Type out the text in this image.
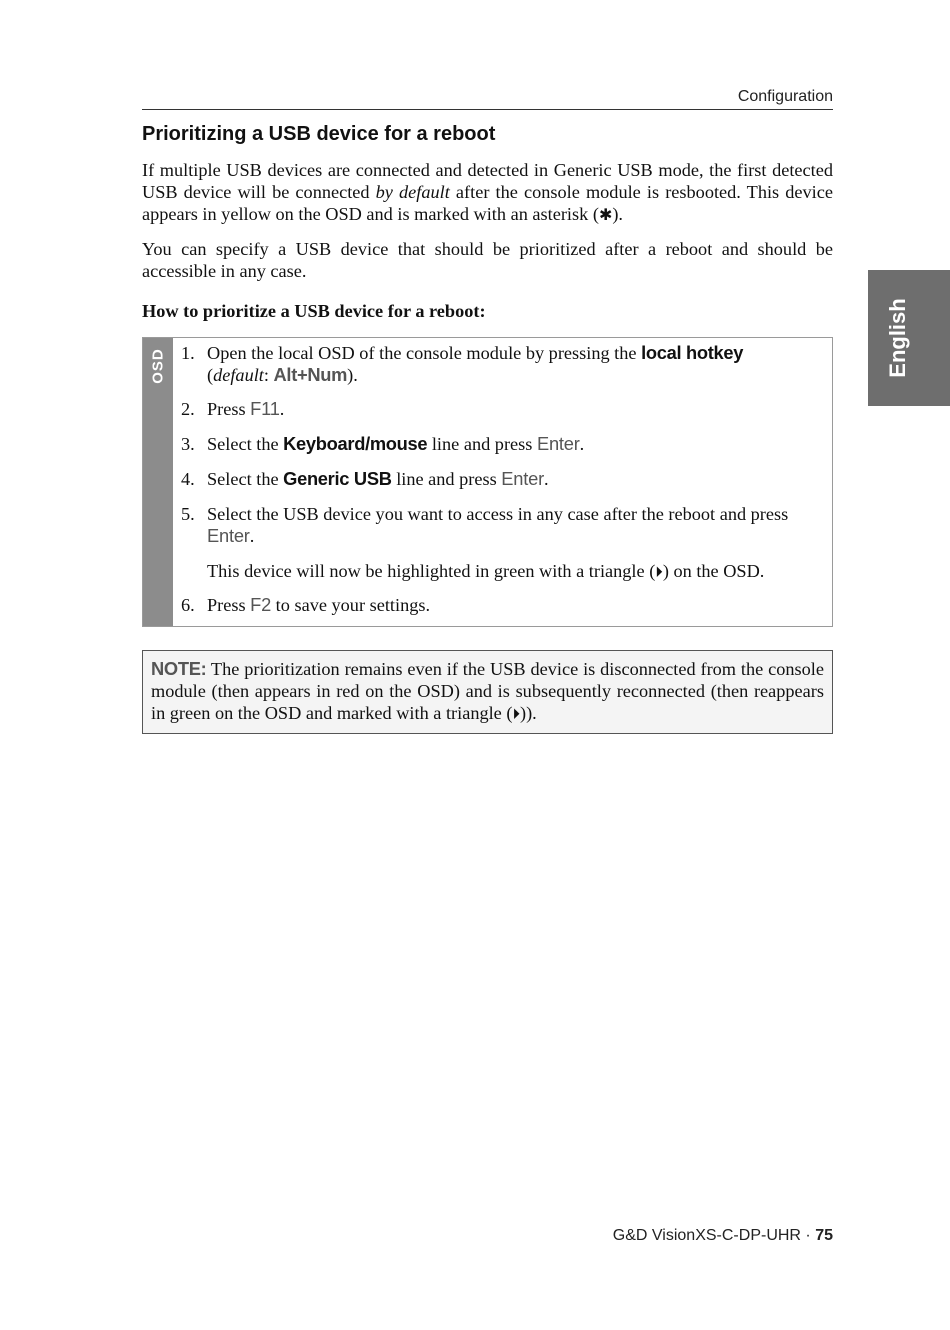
Configuration
Prioritizing a USB device for a reboot

If multiple USB devices are connected and detected in Generic USB mode, the first detected USB device will be connected by default after the console module is resbooted. This device appears in yellow on the OSD and is marked with an asterisk (✱).

You can specify a USB device that should be prioritized after a reboot and should be accessible in any case.

How to prioritize a USB device for a reboot:

OSD 1. Open the local OSD of the console module by pressing the local hotkey
(default: Alt+Num).
2. Press F11.
3. Select the Keyboard/mouse line and press Enter.
4. Select the Generic USB line and press Enter.
5. Select the USB device you want to access in any case after the reboot and press Enter.
This device will now be highlighted in green with a triangle (⏵) on the OSD.
6. Press F2 to save your settings.

NOTE: The prioritization remains even if the USB device is disconnected from the console module (then appears in red on the OSD) and is subsequently reconnected (then reappears in green on the OSD and marked with a triangle (⏵)).

English
G&D VisionXS-C-DP-UHR · 75
